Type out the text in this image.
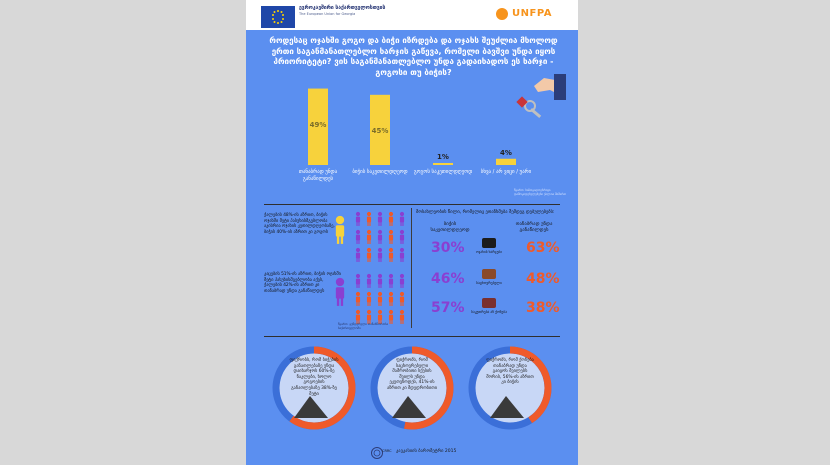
ევროკავშირი საქართველოსთვის
The European Union for Georgia	UNFPA
როდესაც ოჯახში გოგო და ბიჭი იზრდება და ოჯახს შეუძლია მხოლოდ ერთი საგანმანათლებლო ხარჯის გაწევა, რომელი ბავშვი უნდა იყოს პრიორიტეტი? ვის საგანმანათლებლო უნდა გადაიხადოს ეს ხარჯი - გოგოსი თუ ბიჭის?
წყარო: საზოგადოებრივი დამოკიდებულებები ქალთა მიმართ
ქალების 48%-ის აზრით, ბიჭის ოჯახში მეტი პასუხისმგებლობა აკისრია ოჯახის კეთილდღეობაზე, ბიჭის 40%-ის აზრით კი გოგოს
კაცების 51%-ის აზრით, ბიჭის ოჯახში მეტი პასუხისმგებლობა აქვს, ქალების 42%-ის აზრით კი თანაბრად უნდა განაწილდეს
წყარო: გენდერული თანასწორობა საქართველოში
მოსახლეობის წილი, რომელიც ეთანხმება შემდეგ დებულებებს:
ბიჭის საკეთილდღეოდ
თანაბრად უნდა განაწილდეს
CRRC კავკასიის ბარომეტრი 2015
49%
თანაბრად უნდა განაწილდეს
45%
ბიჭის საკეთილდღეოდ
1%
გოგოს საკეთილდღეოდ
4%
სხვა / არ ვიცი / უარი
30%	63%
ოჯახის ხარჯები
46%	48%
საცხოვრებელი
57%	38%
საკუთრება ან ქონება
ფიქრობს, რომ ბიჭების განათლებაზე უნდა დაიხარჯოს 60%-ზე ნაკლები, ხოლო გოგოების განათლებაზე 38%-ზე მეტი
ფიქრობს, რომ საცხოვრებელი მამრობითი სქესის შვილს უნდა ეკუთვნოდეს, 41%-ის აზრით კი მდედრობითი
ფიქრობს, რომ ქონება თანაბრად უნდა გაიყოს შვილებს შორის, 56%-ის აზრით კი ბიჭის
